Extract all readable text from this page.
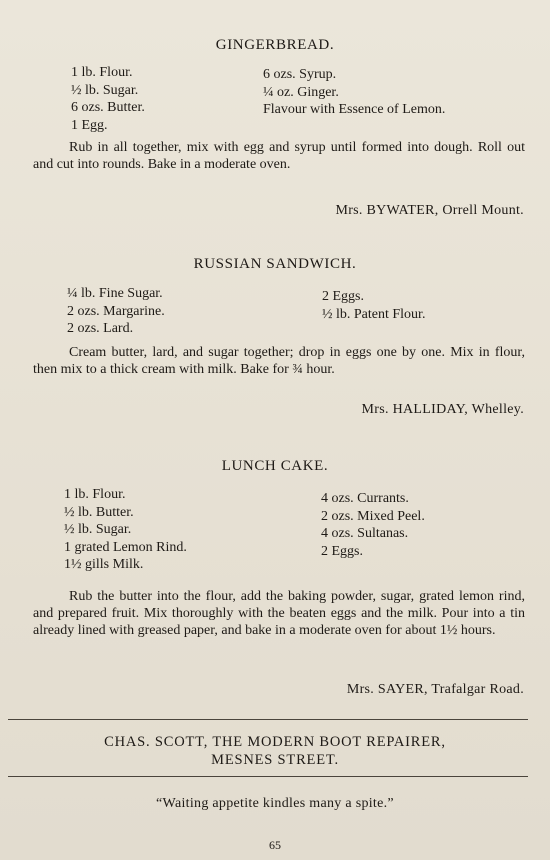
GINGERBREAD.
1 lb. Flour.
½ lb. Sugar.
6 ozs. Butter.
1 Egg.
6 ozs. Syrup.
¼ oz. Ginger.
Flavour with Essence of Lemon.
Rub in all together, mix with egg and syrup until formed into dough. Roll out and cut into rounds. Bake in a moderate oven.
Mrs. BYWATER, Orrell Mount.
RUSSIAN SANDWICH.
¼ lb. Fine Sugar.
2 ozs. Margarine.
2 ozs. Lard.
2 Eggs.
½ lb. Patent Flour.
Cream butter, lard, and sugar together; drop in eggs one by one. Mix in flour, then mix to a thick cream with milk. Bake for ¾ hour.
Mrs. HALLIDAY, Whelley.
LUNCH CAKE.
1 lb. Flour.
½ lb. Butter.
½ lb. Sugar.
1 grated Lemon Rind.
1½ gills Milk.
4 ozs. Currants.
2 ozs. Mixed Peel.
4 ozs. Sultanas.
2 Eggs.
Rub the butter into the flour, add the baking powder, sugar, grated lemon rind, and prepared fruit. Mix thoroughly with the beaten eggs and the milk. Pour into a tin already lined with greased paper, and bake in a moderate oven for about 1½ hours.
Mrs. SAYER, Trafalgar Road.
CHAS. SCOTT, THE MODERN BOOT REPAIRER,
MESNES STREET.
“Waiting appetite kindles many a spite.”
65
